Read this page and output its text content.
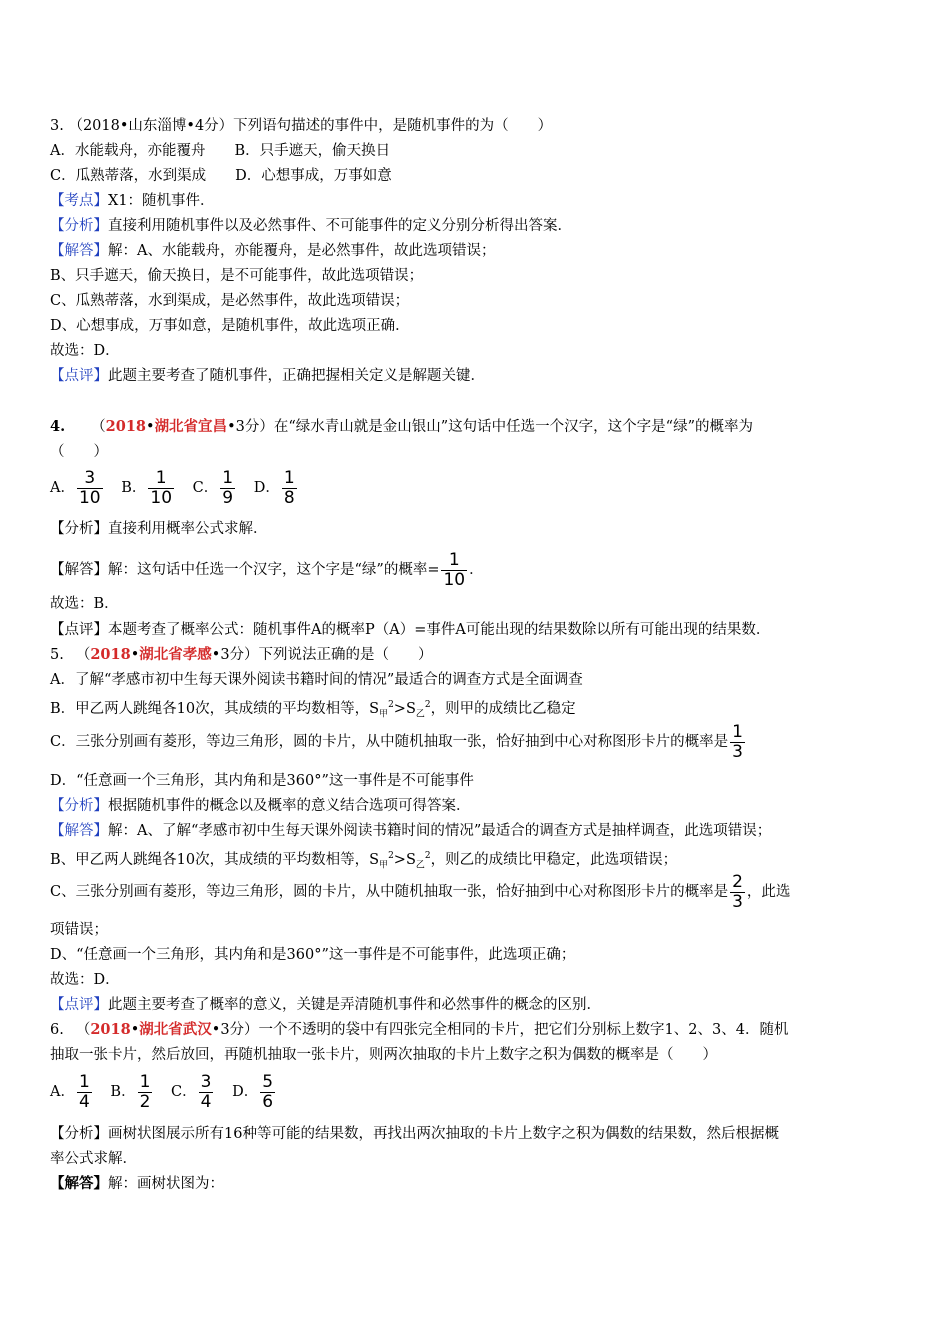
3. （2018•山东淄博•4分）下列语句描述的事件中，是随机事件的为（　　）
A．水能载舟，亦能覆舟　　B．只手遮天，偷天换日
C．瓜熟蒂落，水到渠成　　D．心想事成，万事如意
【考点】X1：随机事件．
【分析】直接利用随机事件以及必然事件、不可能事件的定义分别分析得出答案．
【解答】解：A、水能载舟，亦能覆舟，是必然事件，故此选项错误；
B、只手遮天，偷天换日，是不可能事件，故此选项错误；
C、瓜熟蒂落，水到渠成，是必然事件，故此选项错误；
D、心想事成，万事如意，是随机事件，故此选项正确．
故选：D．
【点评】此题主要考查了随机事件，正确把握相关定义是解题关键．
4. （2018•湖北省宜昌•3分）在“绿水青山就是金山银山”这句话中任选一个汉字，这个字是“绿”的概率为
（　　）
A． $\frac{3}{10}$ B． $\frac{1}{10}$ C． $\frac{1}{9}$ D． $\frac{1}{8}$
【分析】直接利用概率公式求解．
【解答】解：这句话中任选一个汉字，这个字是“绿”的概率= $\frac{1}{10}$ ．
故选：B．
【点评】本题考查了概率公式：随机事件A的概率P（A）=事件A可能出现的结果数除以所有可能出现的结果数．
5. （2018•湖北省孝感•3分）下列说法正确的是（　　）
A．了解“孝感市初中生每天课外阅读书籍时间的情况”最适合的调查方式是全面调查
B．甲乙两人跳绳各10次，其成绩的平均数相等，$S_甲^2>S_乙^2$，则甲的成绩比乙稳定
C．三张分别画有菱形，等边三角形，圆的卡片，从中随机抽取一张，恰好抽到中心对称图形卡片的概率是 $\frac{1}{3}$
D．“任意画一个三角形，其内角和是360°”这一事件是不可能事件
【分析】根据随机事件的概念以及概率的意义结合选项可得答案．
【解答】解：A、了解“孝感市初中生每天课外阅读书籍时间的情况”最适合的调查方式是抽样调查，此选项错误；
B、甲乙两人跳绳各10次，其成绩的平均数相等，$S_甲^2>S_乙^2$，则乙的成绩比甲稳定，此选项错误；
C、三张分别画有菱形，等边三角形，圆的卡片，从中随机抽取一张，恰好抽到中心对称图形卡片的概率是 $\frac{2}{3}$ ，此选
项错误；
D、“任意画一个三角形，其内角和是360°”这一事件是不可能事件，此选项正确；
故选：D．
【点评】此题主要考查了概率的意义，关键是弄清随机事件和必然事件的概念的区别．
6. （2018•湖北省武汉•3分）一个不透明的袋中有四张完全相同的卡片，把它们分别标上数字1、2、3、4．随机
抽取一张卡片，然后放回，再随机抽取一张卡片，则两次抽取的卡片上数字之积为偶数的概率是（　　）
A． $\frac{1}{4}$ B． $\frac{1}{2}$ C． $\frac{3}{4}$ D． $\frac{5}{6}$
【分析】画树状图展示所有16种等可能的结果数，再找出两次抽取的卡片上数字之积为偶数的结果数，然后根据概
率公式求解．
【解答】解：画树状图为：
